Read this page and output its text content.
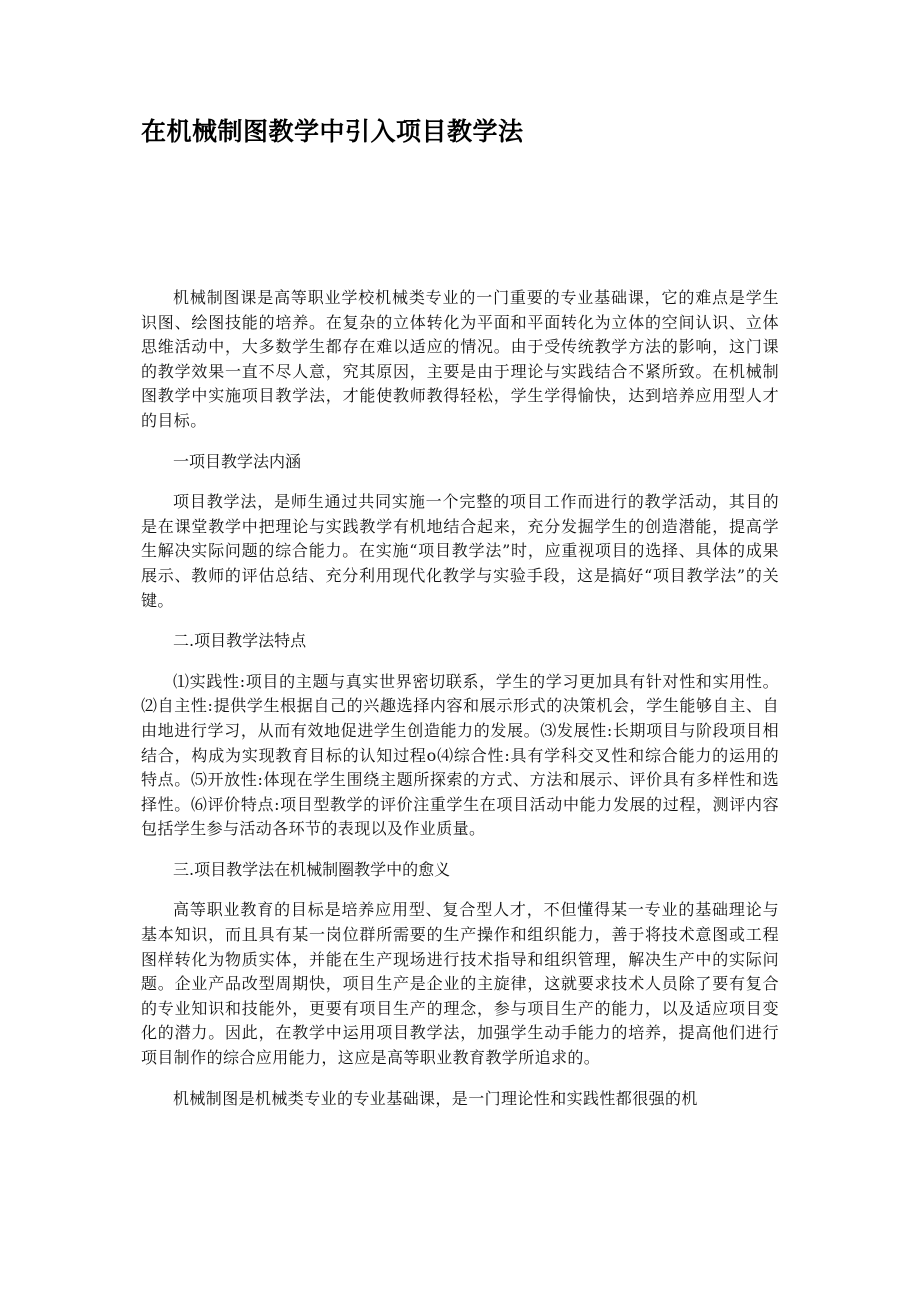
在机械制图教学中引入项目教学法

机械制图课是高等职业学校机械类专业的一门重要的专业基础课，它的难点是学生识图、绘图技能的培养。在复杂的立体转化为平面和平面转化为立体的空间认识、立体思维活动中，大多数学生都存在难以适应的情况。由于受传统教学方法的影响，这门课的教学效果一直不尽人意，究其原因，主要是由于理论与实践结合不紧所致。在机械制图教学中实施项目教学法，才能使教师教得轻松，学生学得愉快，达到培养应用型人才的目标。

一项目教学法内涵

项目教学法，是师生通过共同实施一个完整的项目工作而进行的教学活动，其目的是在课堂教学中把理论与实践教学有机地结合起来，充分发掘学生的创造潜能，提高学生解决实际问题的综合能力。在实施“项目教学法”时，应重视项目的选择、具体的成果展示、教师的评估总结、充分利用现代化教学与实验手段，这是搞好“项目教学法”的关键。

二.项目教学法特点

⑴实践性:项目的主题与真实世界密切联系，学生的学习更加具有针对性和实用性。⑵自主性:提供学生根据自己的兴趣选择内容和展示形式的决策机会，学生能够自主、自由地进行学习，从而有效地促进学生创造能力的发展。⑶发展性:长期项目与阶段项目相结合，构成为实现教育目标的认知过程ο⑷综合性:具有学科交叉性和综合能力的运用的特点。⑸开放性:体现在学生围绕主题所探索的方式、方法和展示、评价具有多样性和选择性。⑹评价特点:项目型教学的评价注重学生在项目活动中能力发展的过程，测评内容包括学生参与活动各环节的表现以及作业质量。

三.项目教学法在机械制圈教学中的愈义

高等职业教育的目标是培养应用型、复合型人才，不但懂得某一专业的基础理论与基本知识，而且具有某一岗位群所需要的生产操作和组织能力，善于将技术意图或工程图样转化为物质实体，并能在生产现场进行技术指导和组织管理，解决生产中的实际问题。企业产品改型周期快，项目生产是企业的主旋律，这就要求技术人员除了要有复合的专业知识和技能外，更要有项目生产的理念，参与项目生产的能力，以及适应项目变化的潜力。因此，在教学中运用项目教学法，加强学生动手能力的培养，提高他们进行项目制作的综合应用能力，这应是高等职业教育教学所追求的。

机械制图是机械类专业的专业基础课，是一门理论性和实践性都很强的机
